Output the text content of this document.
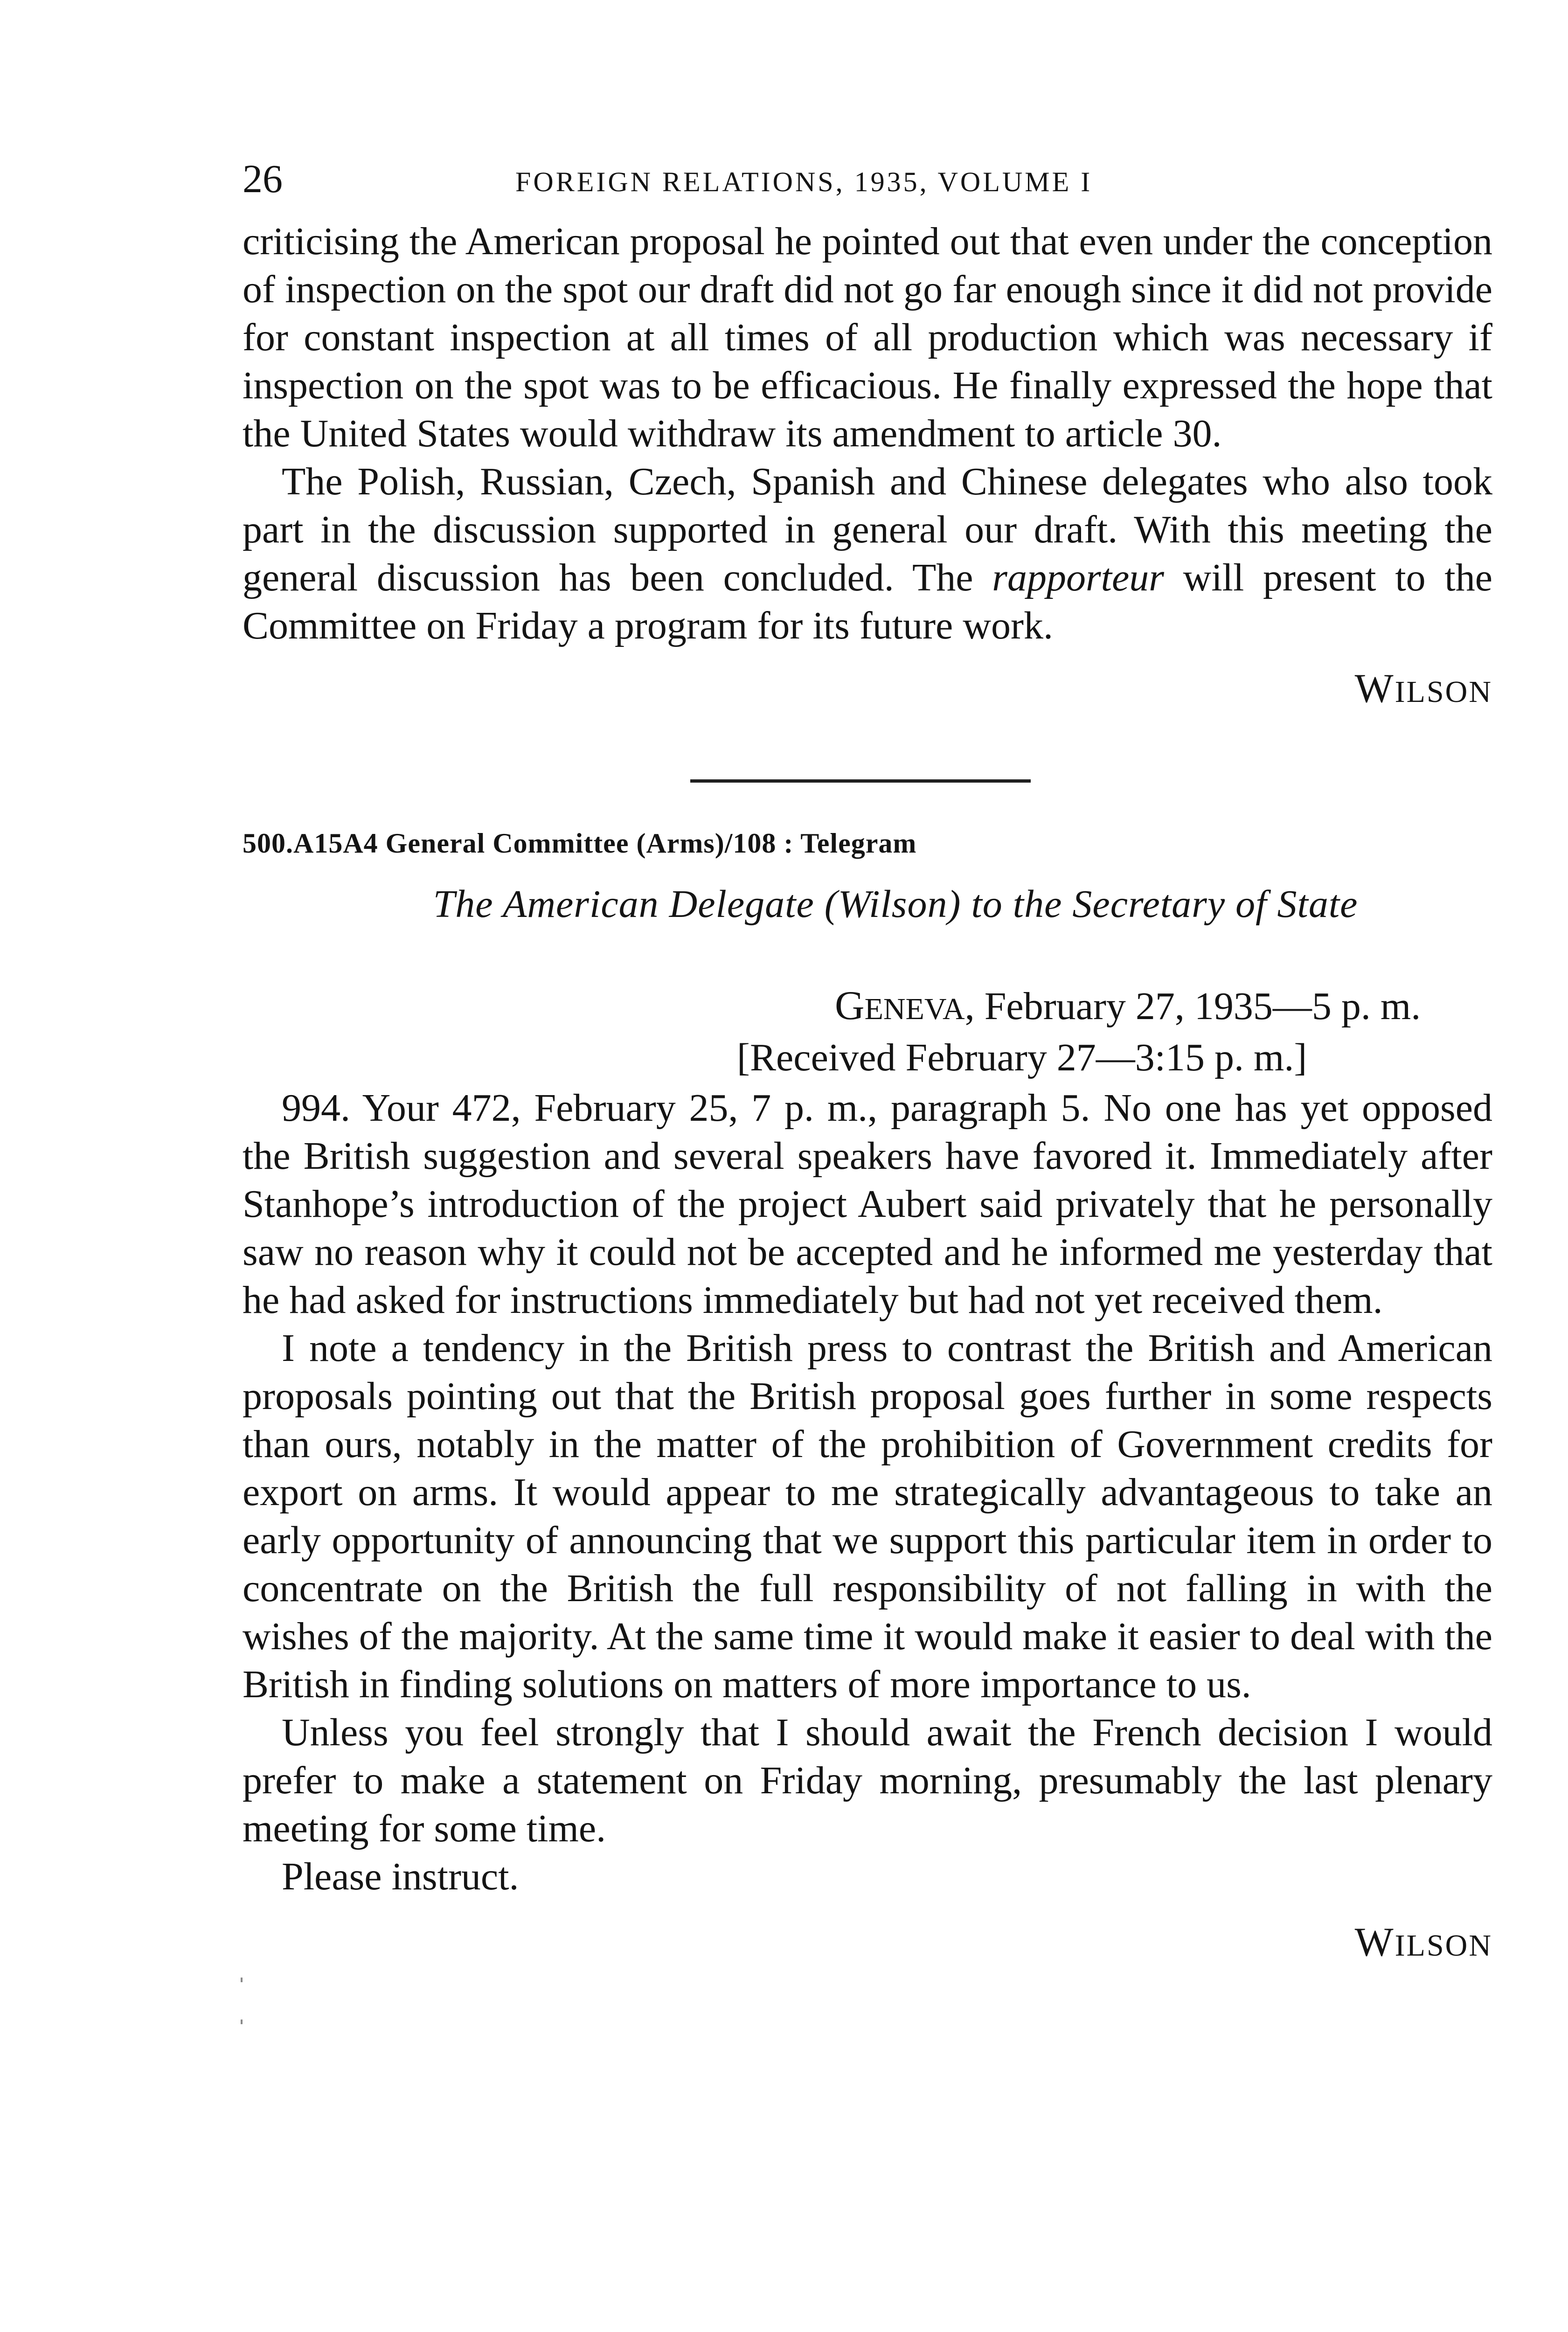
26	FOREIGN RELATIONS, 1935, VOLUME I

criticising the American proposal he pointed out that even under the conception of inspection on the spot our draft did not go far enough since it did not provide for constant inspection at all times of all production which was necessary if inspection on the spot was to be efficacious. He finally expressed the hope that the United States would withdraw its amendment to article 30.

The Polish, Russian, Czech, Spanish and Chinese delegates who also took part in the discussion supported in general our draft. With this meeting the general discussion has been concluded. The rapporteur will present to the Committee on Friday a program for its future work.

WILSON
500.A15A4 General Committee (Arms)/108 : Telegram
The American Delegate (Wilson) to the Secretary of State
GENEVA, February 27, 1935—5 p. m.
[Received February 27—3:15 p. m.]

994. Your 472, February 25, 7 p. m., paragraph 5. No one has yet opposed the British suggestion and several speakers have favored it. Immediately after Stanhope’s introduction of the project Aubert said privately that he personally saw no reason why it could not be accepted and he informed me yesterday that he had asked for instructions immediately but had not yet received them.

I note a tendency in the British press to contrast the British and American proposals pointing out that the British proposal goes further in some respects than ours, notably in the matter of the prohibition of Government credits for export on arms. It would appear to me strategically advantageous to take an early opportunity of announcing that we support this particular item in order to concentrate on the British the full responsibility of not falling in with the wishes of the majority. At the same time it would make it easier to deal with the British in finding solutions on matters of more importance to us.

Unless you feel strongly that I should await the French decision I would prefer to make a statement on Friday morning, presumably the last plenary meeting for some time.

Please instruct.

WILSON
